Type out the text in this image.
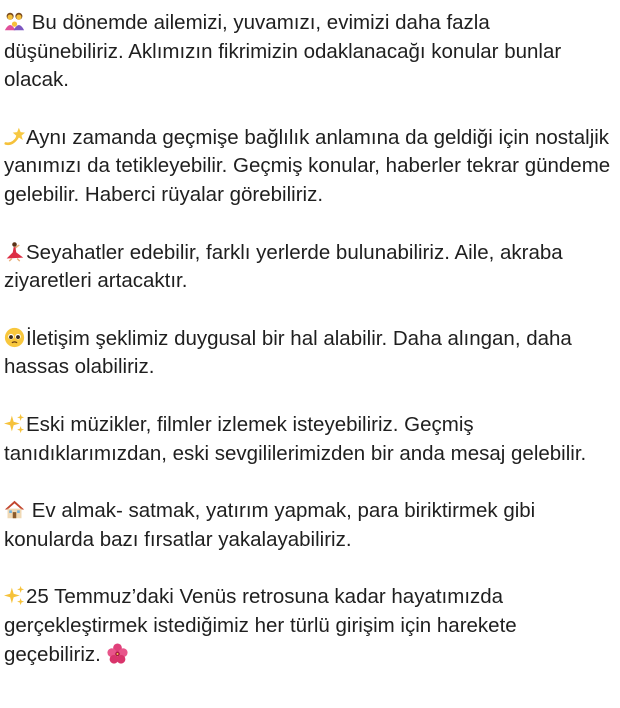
Bu dönemde ailemizi, yuvamızı, evimizi daha fazla düşünebiliriz. Aklımızın fikrimizin odaklanacağı konular bunlar olacak.

Aynı zamanda geçmişe bağlılık anlamına da geldiği için nostaljik yanımızı da tetikleyebilir. Geçmiş konular, haberler tekrar gündeme gelebilir. Haberci rüyalar görebiliriz.

Seyahatler edebilir, farklı yerlerde bulunabiliriz. Aile, akraba ziyaretleri artacaktır.

İletişim şeklimiz duygusal bir hal alabilir. Daha alıngan, daha hassas olabiliriz.

Eski müzikler, filmler izlemek isteyebiliriz. Geçmiş tanıdıklarımızdan, eski sevgililerimizden bir anda mesaj gelebilir.

Ev almak- satmak, yatırım yapmak, para biriktirmek gibi konularda bazı fırsatlar yakalayabiliriz.

25 Temmuz’daki Venüs retrosuna kadar hayatımızda gerçekleştirmek istediğimiz her türlü girişim için harekete geçebiliriz.
